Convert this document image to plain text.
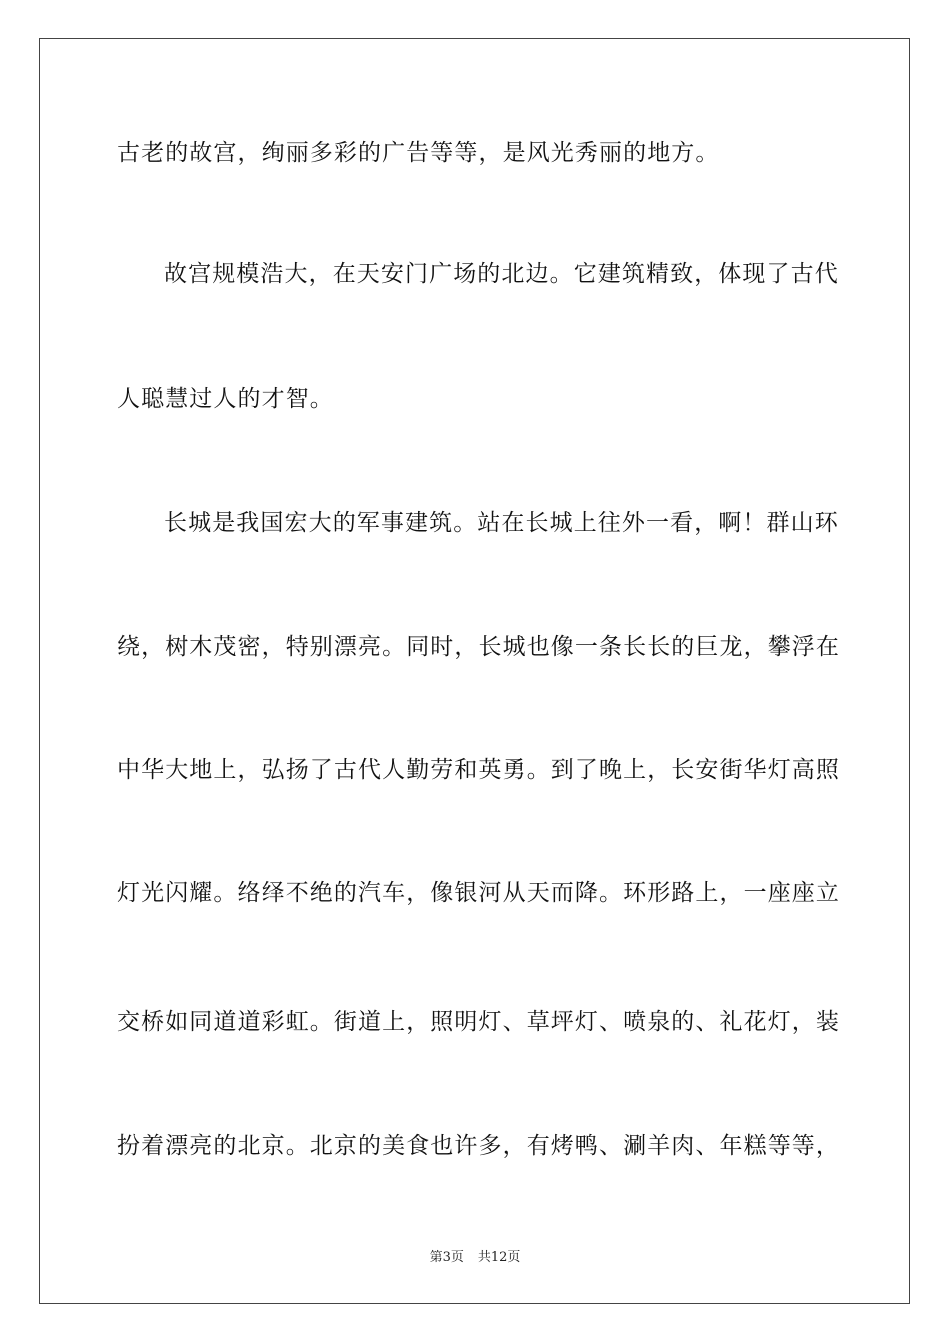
古老的故宫，绚丽多彩的广告等等，是风光秀丽的地方。
故宫规模浩大，在天安门广场的北边。它建筑精致，体现了古代
人聪慧过人的才智。
长城是我国宏大的军事建筑。站在长城上往外一看，啊！群山环
绕，树木茂密，特别漂亮。同时，长城也像一条长长的巨龙，攀浮在
中华大地上，弘扬了古代人勤劳和英勇。到了晚上，长安街华灯高照
灯光闪耀。络绎不绝的汽车，像银河从天而降。环形路上，一座座立
交桥如同道道彩虹。街道上，照明灯、草坪灯、喷泉的、礼花灯，装
扮着漂亮的北京。北京的美食也许多，有烤鸭、涮羊肉、年糕等等，
第3页 共12页
